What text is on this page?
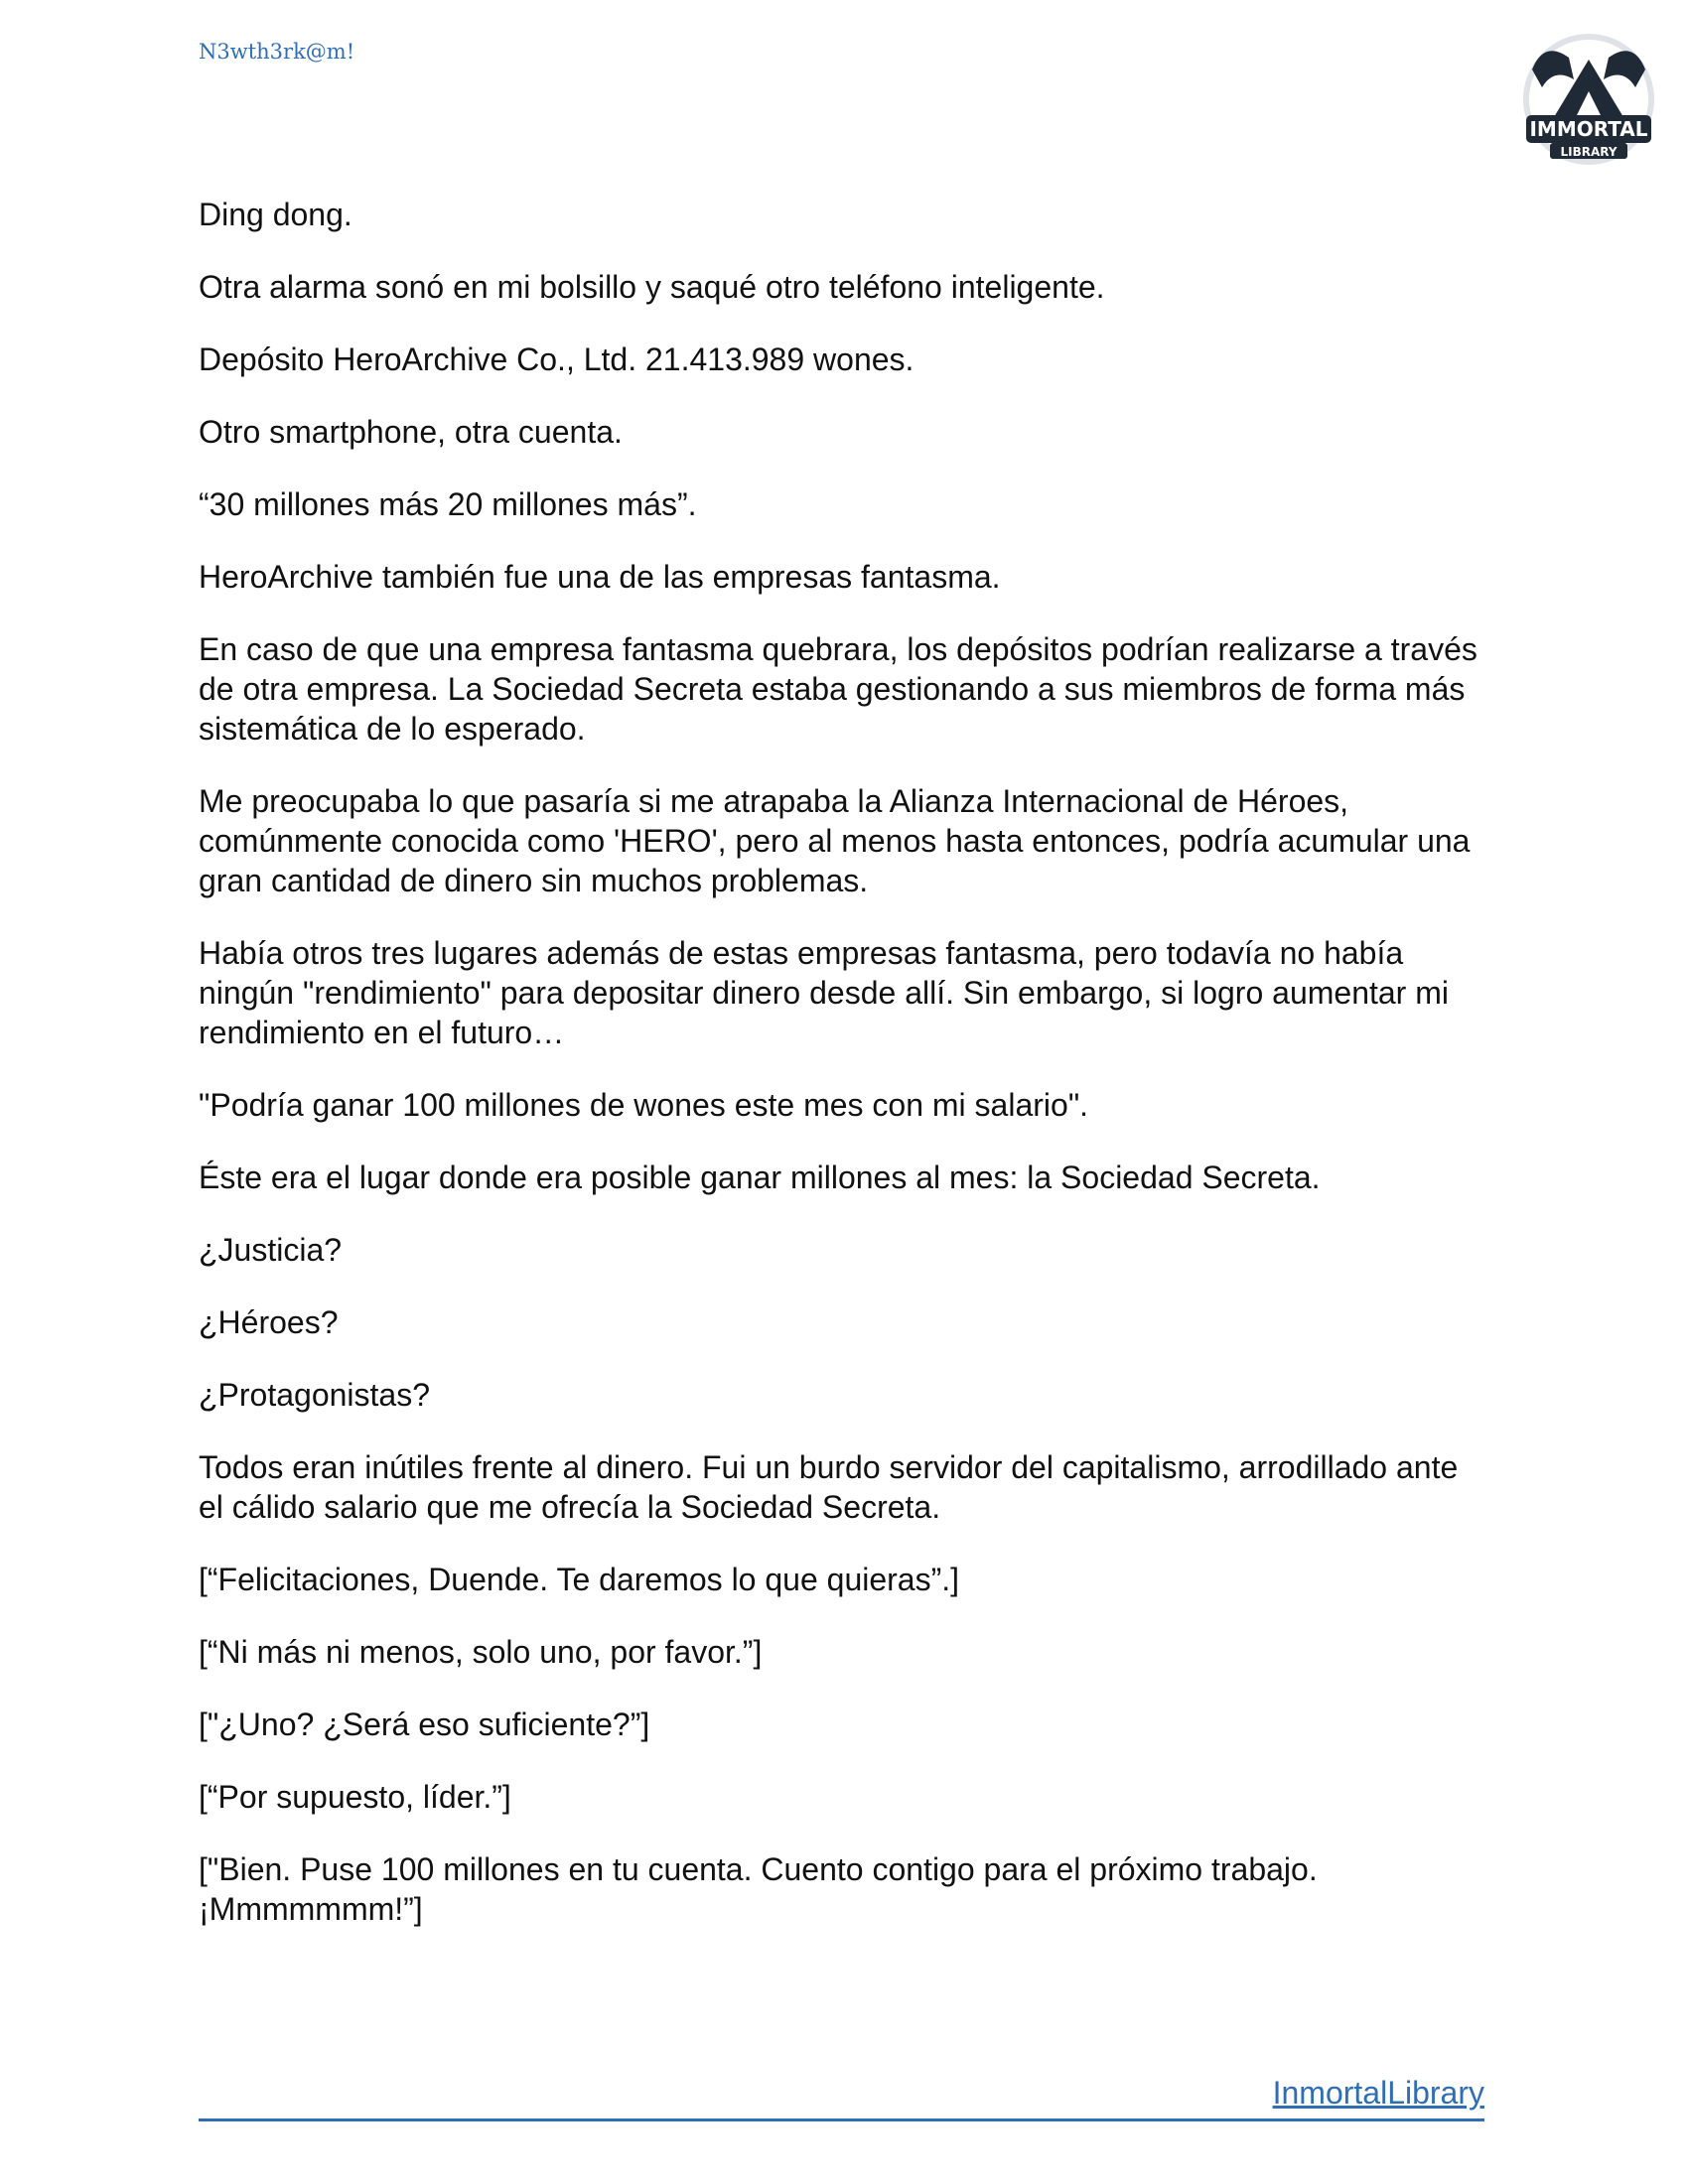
N3wth3rk@m!
IMMORTAL
LIBRARY

Ding dong.

Otra alarma sonó en mi bolsillo y saqué otro teléfono inteligente.

Depósito HeroArchive Co., Ltd. 21.413.989 wones.

Otro smartphone, otra cuenta.

“30 millones más 20 millones más”.

HeroArchive también fue una de las empresas fantasma.

En caso de que una empresa fantasma quebrara, los depósitos podrían realizarse a través de otra empresa. La Sociedad Secreta estaba gestionando a sus miembros de forma más sistemática de lo esperado.

Me preocupaba lo que pasaría si me atrapaba la Alianza Internacional de Héroes, comúnmente conocida como 'HERO', pero al menos hasta entonces, podría acumular una gran cantidad de dinero sin muchos problemas.

Había otros tres lugares además de estas empresas fantasma, pero todavía no había ningún "rendimiento" para depositar dinero desde allí. Sin embargo, si logro aumentar mi rendimiento en el futuro…

"Podría ganar 100 millones de wones este mes con mi salario".

Éste era el lugar donde era posible ganar millones al mes: la Sociedad Secreta.

¿Justicia?

¿Héroes?

¿Protagonistas?

Todos eran inútiles frente al dinero. Fui un burdo servidor del capitalismo, arrodillado ante el cálido salario que me ofrecía la Sociedad Secreta.

[“Felicitaciones, Duende. Te daremos lo que quieras”.]

[“Ni más ni menos, solo uno, por favor.”]

["¿Uno? ¿Será eso suficiente?”]

[“Por supuesto, líder.”]

["Bien. Puse 100 millones en tu cuenta. Cuento contigo para el próximo trabajo. ¡Mmmmmmm!”]

InmortalLibrary
